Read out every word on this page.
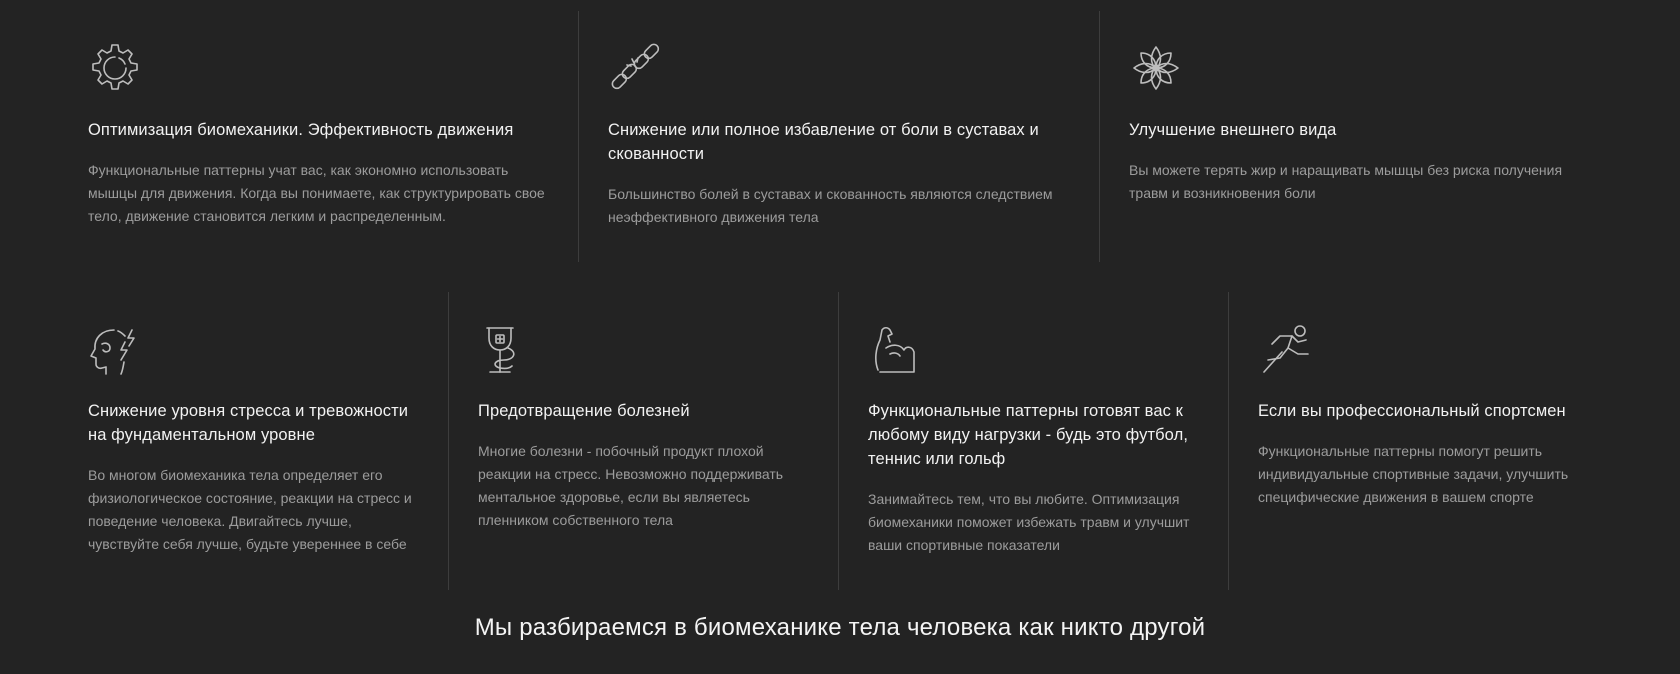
Оптимизация биомеханики. Эффективность движения
Функциональные паттерны учат вас, как экономно использовать мышцы для движения. Когда вы понимаете, как структурировать свое тело, движение становится легким и распределенным.
Снижение или полное избавление от боли в суставах и скованности
Большинство болей в суставах и скованность являются следствием неэффективного движения тела
Улучшение внешнего вида
Вы можете терять жир и наращивать мышцы без риска получения травм и возникновения боли
Снижение уровня стресса и тревожности на фундаментальном уровне
Во многом биомеханика тела определяет его физиологическое состояние, реакции на стресс и поведение человека. Двигайтесь лучше, чувствуйте себя лучше, будьте увереннее в себе
Предотвращение болезней
Многие болезни - побочный продукт плохой реакции на стресс. Невозможно поддерживать ментальное здоровье, если вы являетесь пленником собственного тела
Функциональные паттерны готовят вас к любому виду нагрузки - будь это футбол, теннис или гольф
Занимайтесь тем, что вы любите. Оптимизация биомеханики поможет избежать травм и улучшит ваши спортивные показатели
Если вы профессиональный спортсмен
Функциональные паттерны помогут решить индивидуальные спортивные задачи, улучшить специфические движения в вашем спорте
Мы разбираемся в биомеханике тела человека как никто другой
